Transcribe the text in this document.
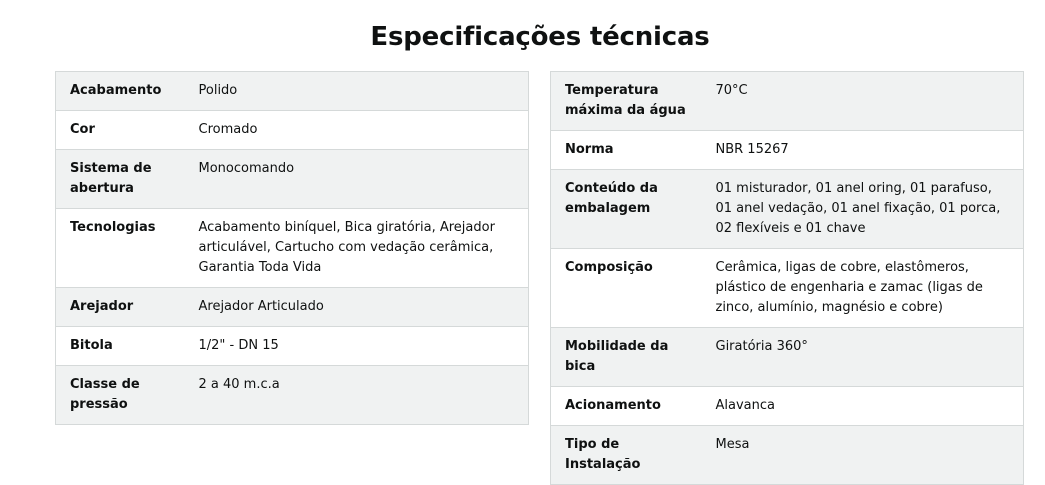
Especificações técnicas
Acabamento	Polido
Cor	Cromado
Sistema de abertura	Monocomando
Tecnologias	Acabamento biníquel, Bica giratória, Arejador articulável, Cartucho com vedação cerâmica, Garantia Toda Vida
Arejador	Arejador Articulado
Bitola	1/2" - DN 15
Classe de pressão	2 a 40 m.c.a
Temperatura máxima da água	70°C
Norma	NBR 15267
Conteúdo da embalagem	01 misturador, 01 anel oring, 01 parafuso, 01 anel vedação, 01 anel fixação, 01 porca, 02 flexíveis e 01 chave
Composição	Cerâmica, ligas de cobre, elastômeros, plástico de engenharia e zamac (ligas de zinco, alumínio, magnésio e cobre)
Mobilidade da bica	Giratória 360°
Acionamento	Alavanca
Tipo de Instalação	Mesa
